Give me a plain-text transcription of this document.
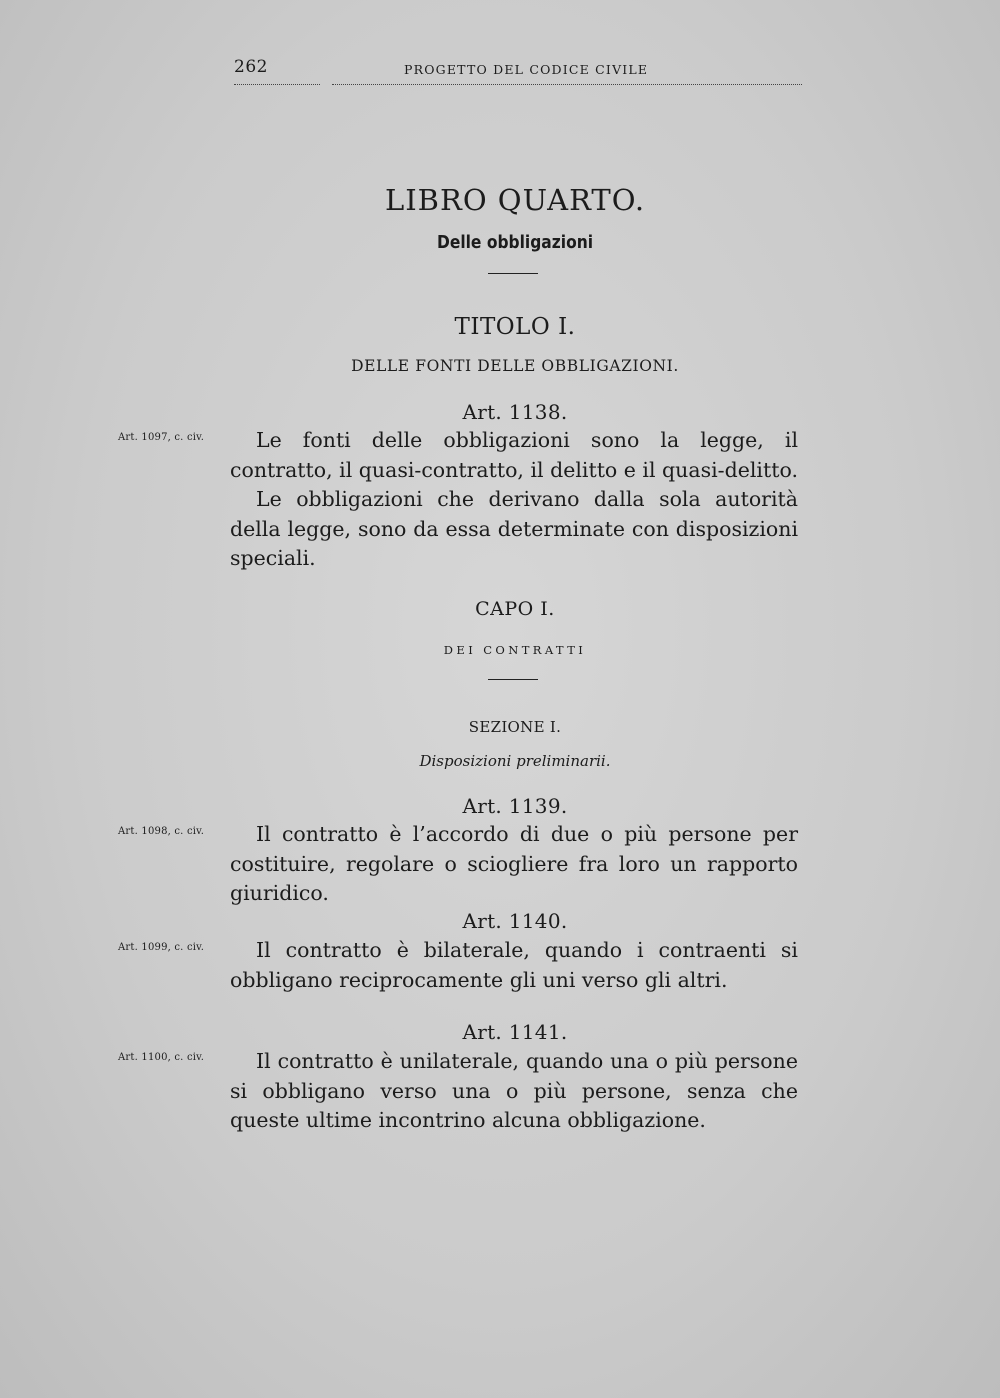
262	PROGETTO DEL CODICE CIVILE
LIBRO QUARTO.
Delle obbligazioni
TITOLO I.
DELLE FONTI DELLE OBBLIGAZIONI.
Art. 1138.
Art. 1097, c. civ.	Le fonti delle obbligazioni sono la legge, il contratto, il quasi-contratto, il delitto e il quasi-delitto.
Le obbligazioni che derivano dalla sola autorità della legge, sono da essa determinate con disposizioni speciali.
CAPO I.
DEI CONTRATTI
SEZIONE I.
Disposizioni preliminarii.
Art. 1139.
Art. 1098, c. civ.	Il contratto è l’accordo di due o più persone per costituire, regolare o sciogliere fra loro un rapporto giuridico.
Art. 1140.
Art. 1099, c. civ.	Il contratto è bilaterale, quando i contraenti si obbligano reciprocamente gli uni verso gli altri.
Art. 1141.
Art. 1100, c. civ.	Il contratto è unilaterale, quando una o più persone si obbligano verso una o più persone, senza che queste ultime incontrino alcuna obbligazione.
